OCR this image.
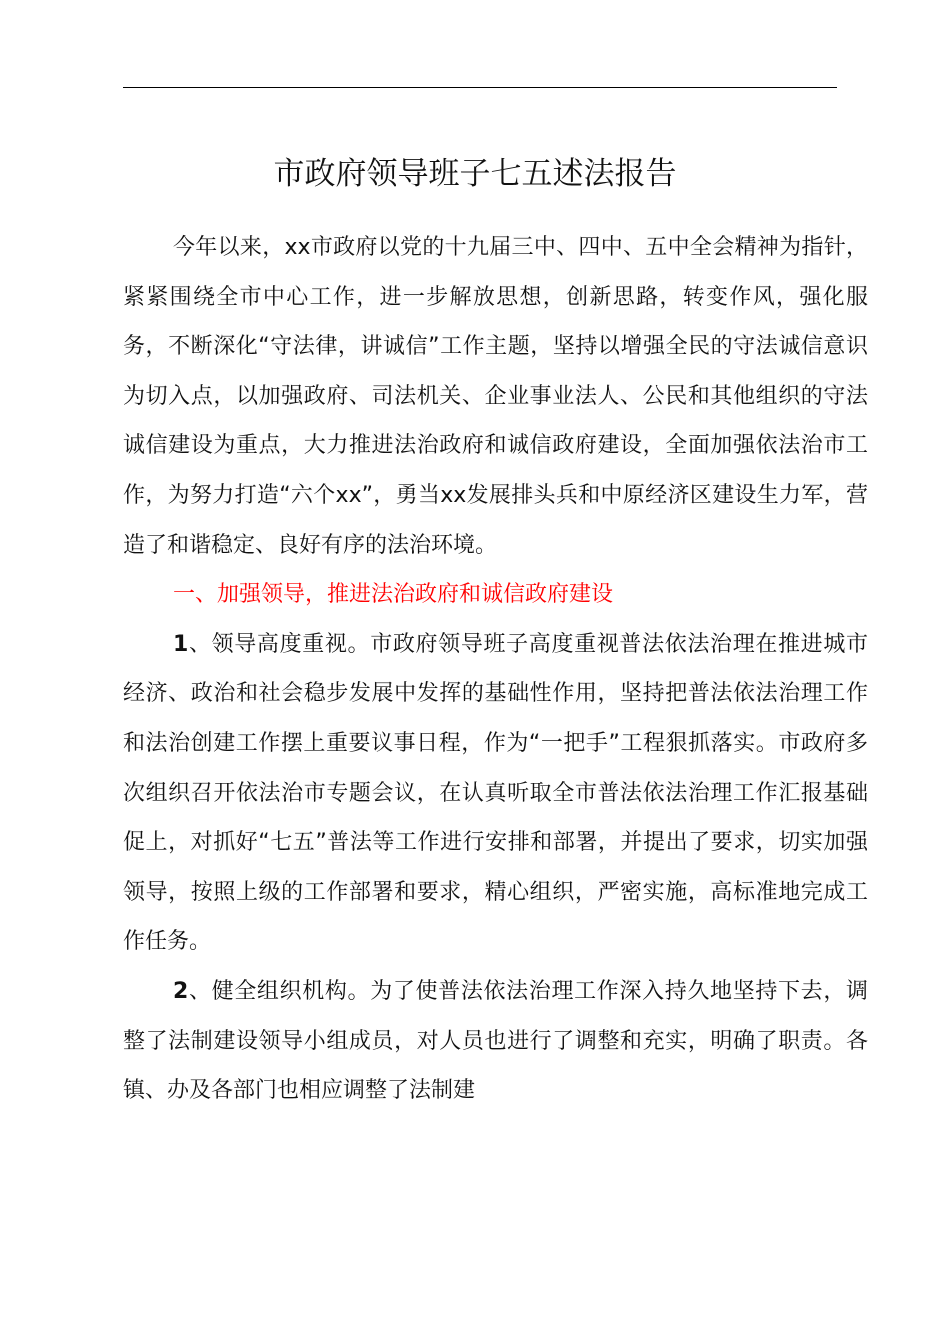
市政府领导班子七五述法报告

今年以来，xx市政府以党的十九届三中、四中、五中全会精神为指针，紧紧围绕全市中心工作，进一步解放思想，创新思路，转变作风，强化服务，不断深化“守法律，讲诚信”工作主题，坚持以增强全民的守法诚信意识为切入点，以加强政府、司法机关、企业事业法人、公民和其他组织的守法诚信建设为重点，大力推进法治政府和诚信政府建设，全面加强依法治市工作，为努力打造“六个xx”，勇当xx发展排头兵和中原经济区建设生力军，营造了和谐稳定、良好有序的法治环境。

一、加强领导，推进法治政府和诚信政府建设

1、领导高度重视。市政府领导班子高度重视普法依法治理在推进城市经济、政治和社会稳步发展中发挥的基础性作用，坚持把普法依法治理工作和法治创建工作摆上重要议事日程，作为“一把手”工程狠抓落实。市政府多次组织召开依法治市专题会议，在认真听取全市普法依法治理工作汇报基础促上，对抓好“七五”普法等工作进行安排和部署，并提出了要求，切实加强领导，按照上级的工作部署和要求，精心组织，严密实施，高标准地完成工作任务。

2、健全组织机构。为了使普法依法治理工作深入持久地坚持下去，调整了法制建设领导小组成员，对人员也进行了调整和充实，明确了职责。各镇、办及各部门也相应调整了法制建
